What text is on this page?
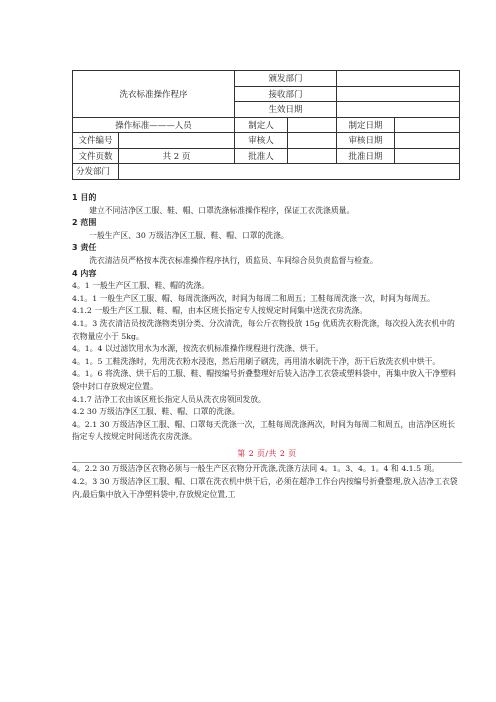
洗衣标准操作程序		颁发部门			
		接收部门			
		生效日期			
操作标准———人员		制定人		制定日期	
文件编号		审核人		审核日期	
文件页数	共 2 页	批准人		批准日期	
分发部门					

1 目的

建立不同洁净区工服、鞋、帽、口罩洗涤标准操作程序，保证工衣洗涤质量。

2 范围

一般生产区、30 万级洁净区工服、鞋、帽、口罩的洗涤。

3 责任

洗衣清洁员严格按本洗衣标准操作程序执行，质监员、车间综合员负责监督与检查。

4 内容

4。1 一般生产区工服、鞋、帽的洗涤。

4.1。1 一般生产区工服、帽、每周洗涤两次，时间为每周二和周五；工鞋每周洗涤一次，时间为每周五。

4.1.2 一般生产区工服、鞋、帽，由本区班长指定专人按规定时间集中送洗衣房洗涤。

4.1。3 洗衣清洁员按洗涤物类别分类、分次清洗，每公斤衣物投放 15g 优质洗衣粉洗涤，每次投入洗衣机中的衣物量应小于 5kg。

4。1。4 以过滤饮用水为水源，按洗衣机标准操作规程进行洗涤、烘干。

4。1。5 工鞋洗涤时，先用洗衣粉水浸泡，然后用刷子刷洗，再用清水刷洗干净，沥干后放洗衣机中烘干。

4。1。6 将洗涤、烘干后的工服、鞋、帽按编号折叠整理好后装入洁净工衣袋或塑料袋中，再集中放入干净塑料袋中封口存放规定位置。

4.1.7 洁净工衣由该区班长指定人员从洗衣房领回发放。

4.2 30 万级洁净区工服、鞋、帽、口罩的洗涤。

4。2.1 30 万级洁净区工服、帽、口罩每天洗涤一次，工鞋每周洗涤两次，时间为每周二和周五，由洁净区班长指定专人按规定时间送洗衣房洗涤。

第 2 页/共 2 页

4。2.2 30 万级洁净区衣物必须与一般生产区衣物分开洗涤,洗涤方法同 4。1。3、4。1。4 和 4.1.5 项。

4.2。3 30 万级洁净区工服、帽、口罩在洗衣机中烘干后，必须在超净工作台内按编号折叠整理,放入洁净工衣袋内,最后集中放入干净塑料袋中,存放规定位置,工
